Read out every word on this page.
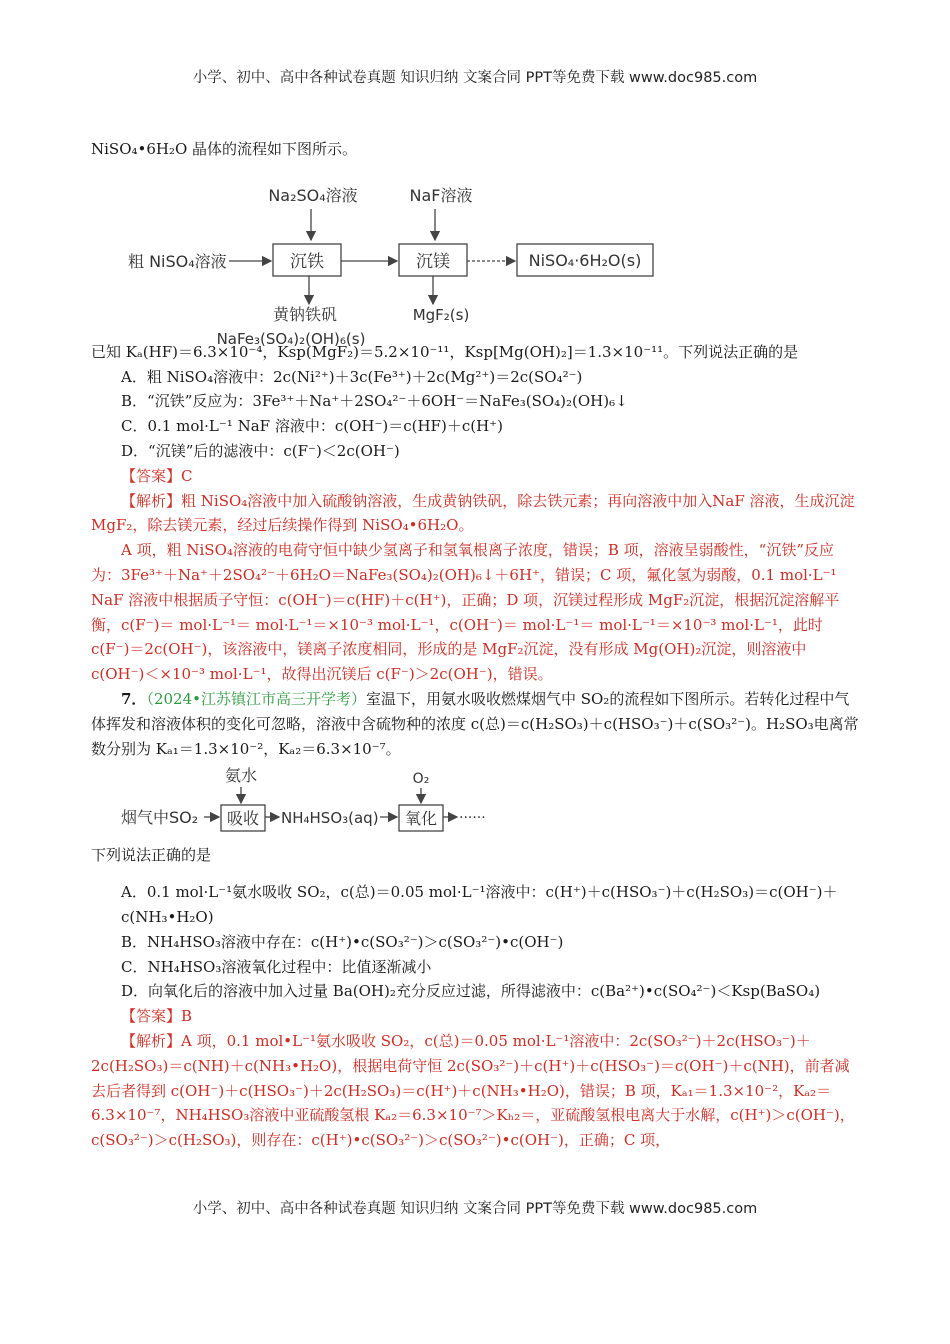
小学、初中、高中各种试卷真题 知识归纳 文案合同 PPT等免费下载 www.doc985.com

NiSO₄•6H₂O 晶体的流程如下图所示。

Na₂SO₄溶液	NaF溶液
粗 NiSO₄溶液	沉铁	沉镁	NiSO₄·6H₂O(s)
黄钠铁矾
NaFe₃(SO₄)₂(OH)₆(s)
MgF₂(s)

已知 Kₐ(HF)＝6.3×10⁻⁴，Ksp(MgF₂)＝5.2×10⁻¹¹，Ksp[Mg(OH)₂]＝1.3×10⁻¹¹。下列说法正确的是

A．粗 NiSO₄溶液中：2c(Ni²⁺)＋3c(Fe³⁺)＋2c(Mg²⁺)＝2c(SO₄²⁻)

B．“沉铁”反应为：3Fe³⁺＋Na⁺＋2SO₄²⁻＋6OH⁻＝NaFe₃(SO₄)₂(OH)₆↓

C．0.1 mol·L⁻¹ NaF 溶液中：c(OH⁻)＝c(HF)＋c(H⁺)

D．“沉镁”后的滤液中：c(F⁻)＜2c(OH⁻)

【答案】C

【解析】粗 NiSO₄溶液中加入硫酸钠溶液，生成黄钠铁矾，除去铁元素；再向溶液中加入NaF 溶液，生成沉淀 MgF₂，除去镁元素，经过后续操作得到 NiSO₄•6H₂O。

A 项，粗 NiSO₄溶液的电荷守恒中缺少氢离子和氢氧根离子浓度，错误；B 项，溶液呈弱酸性，“沉铁”反应为：3Fe³⁺＋Na⁺＋2SO₄²⁻＋6H₂O＝NaFe₃(SO₄)₂(OH)₆↓＋6H⁺，错误；C 项，氟化氢为弱酸，0.1 mol·L⁻¹ NaF 溶液中根据质子守恒：c(OH⁻)＝c(HF)＋c(H⁺)，正确；D 项，沉镁过程形成 MgF₂沉淀，根据沉淀溶解平衡，c(F⁻)＝ mol·L⁻¹＝ mol·L⁻¹＝×10⁻³ mol·L⁻¹，c(OH⁻)＝ mol·L⁻¹＝ mol·L⁻¹＝×10⁻³ mol·L⁻¹，此时 c(F⁻)＝2c(OH⁻)，该溶液中，镁离子浓度相同，形成的是 MgF₂沉淀，没有形成 Mg(OH)₂沉淀，则溶液中 c(OH⁻)＜×10⁻³ mol·L⁻¹，故得出沉镁后 c(F⁻)＞2c(OH⁻)，错误。

7．（2024•江苏镇江市高三开学考）室温下，用氨水吸收燃煤烟气中 SO₂的流程如下图所示。若转化过程中气体挥发和溶液体积的变化可忽略，溶液中含硫物种的浓度 c(总)＝c(H₂SO₃)＋c(HSO₃⁻)＋c(SO₃²⁻)。H₂SO₃电离常数分别为 Kₐ₁＝1.3×10⁻²，Kₐ₂＝6.3×10⁻⁷。

氨水	O₂
烟气中SO₂ 吸收 NH₄HSO₃(aq) 氧化 ······

下列说法正确的是

A．0.1 mol·L⁻¹氨水吸收 SO₂，c(总)＝0.05 mol·L⁻¹溶液中：c(H⁺)＋c(HSO₃⁻)＋c(H₂SO₃)＝c(OH⁻)＋c(NH₃•H₂O)

B．NH₄HSO₃溶液中存在：c(H⁺)•c(SO₃²⁻)＞c(SO₃²⁻)•c(OH⁻)

C．NH₄HSO₃溶液氧化过程中：比值逐渐减小

D．向氧化后的溶液中加入过量 Ba(OH)₂充分反应过滤，所得滤液中：c(Ba²⁺)•c(SO₄²⁻)＜Ksp(BaSO₄)

【答案】B

【解析】A 项，0.1 mol•L⁻¹氨水吸收 SO₂，c(总)＝0.05 mol·L⁻¹溶液中：2c(SO₃²⁻)＋2c(HSO₃⁻)＋2c(H₂SO₃)＝c(NH)＋c(NH₃•H₂O)，根据电荷守恒 2c(SO₃²⁻)＋c(H⁺)＋c(HSO₃⁻)＝c(OH⁻)＋c(NH)，前者减去后者得到 c(OH⁻)＋c(HSO₃⁻)＋2c(H₂SO₃)＝c(H⁺)＋c(NH₃•H₂O)，错误；B 项，Kₐ₁＝1.3×10⁻²，Kₐ₂＝6.3×10⁻⁷，NH₄HSO₃溶液中亚硫酸氢根 Kₐ₂＝6.3×10⁻⁷＞Kₕ₂＝，亚硫酸氢根电离大于水解，c(H⁺)＞c(OH⁻)，c(SO₃²⁻)＞c(H₂SO₃)，则存在：c(H⁺)•c(SO₃²⁻)＞c(SO₃²⁻)•c(OH⁻)，正确；C 项，

小学、初中、高中各种试卷真题 知识归纳 文案合同 PPT等免费下载 www.doc985.com
